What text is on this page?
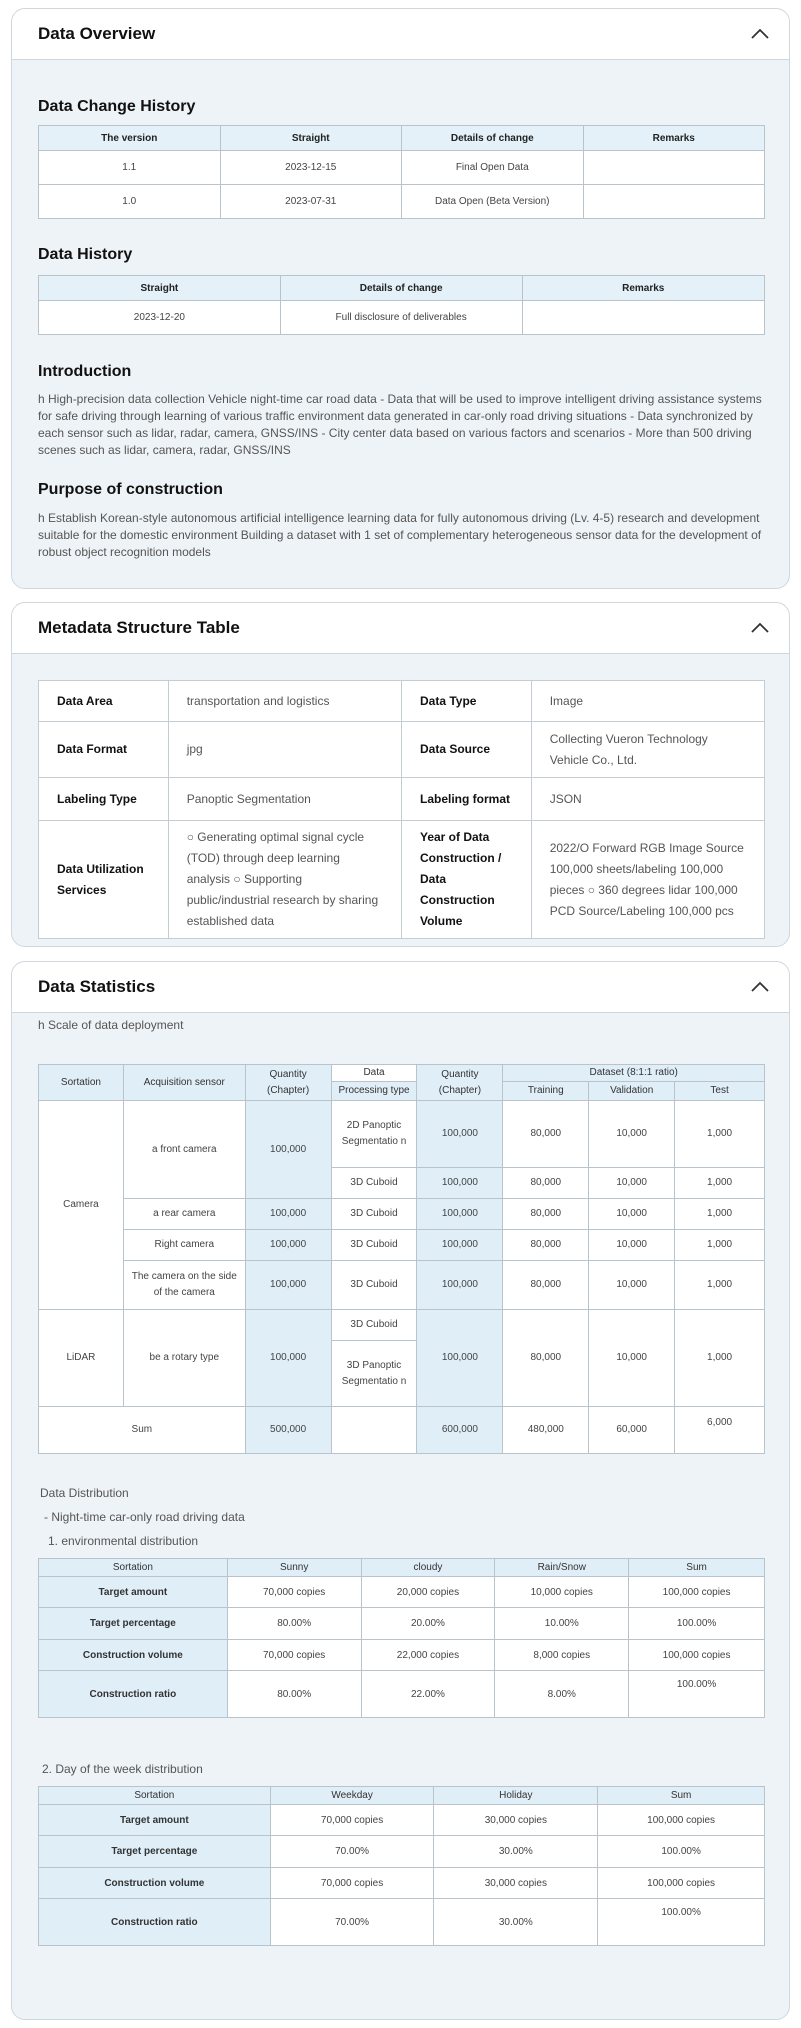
Data Overview
Data Change History
The version	Straight	Details of change	Remarks
1.1	2023-12-15	Final Open Data	
1.0	2023-07-31	Data Open (Beta Version)	
Data History
Straight	Details of change	Remarks
2023-12-20	Full disclosure of deliverables	
Introduction
h High-precision data collection Vehicle night-time car road data - Data that will be used to improve intelligent driving assistance systems for safe driving through learning of various traffic environment data generated in car-only road driving situations - Data synchronized by each sensor such as lidar, radar, camera, GNSS/INS - City center data based on various factors and scenarios - More than 500 driving scenes such as lidar, camera, radar, GNSS/INS
Purpose of construction
h Establish Korean-style autonomous artificial intelligence learning data for fully autonomous driving (Lv. 4-5) research and development suitable for the domestic environment Building a dataset with 1 set of complementary heterogeneous sensor data for the development of robust object recognition models
Metadata Structure Table
Data Area	transportation and logistics	Data Type	Image
Data Format	jpg	Data Source	Collecting Vueron Technology Vehicle Co., Ltd.
Labeling Type	Panoptic Segmentation	Labeling format	JSON
Data Utilization Services	○ Generating optimal signal cycle (TOD) through deep learning analysis ○ Supporting public/industrial research by sharing established data	Year of Data Construction / Data Construction Volume	2022/O Forward RGB Image Source 100,000 sheets/labeling 100,000 pieces ○ 360 degrees lidar 100,000 PCD Source/Labeling 100,000 pcs
Data Statistics
h Scale of data deployment
Sortation	Acquisition sensor	Quantity (Chapter)	Data	Quantity (Chapter)	Dataset (8:1:1 ratio)		
			Processing type		Training	Validation	Test
Camera	a front camera	100,000	2D Panoptic Segmentatio n	100,000	80,000	10,000	1,000
			3D Cuboid	100,000	80,000	10,000	1,000
	a rear camera	100,000	3D Cuboid	100,000	80,000	10,000	1,000
	Right camera	100,000	3D Cuboid	100,000	80,000	10,000	1,000
	The camera on the side of the camera	100,000	3D Cuboid	100,000	80,000	10,000	1,000
LiDAR	be a rotary type	100,000	3D Cuboid	100,000	80,000	10,000	1,000
			3D Panoptic Segmentatio n				
Sum		500,000		600,000	480,000	60,000	6,000
Data Distribution
- Night-time car-only road driving data
1. environmental distribution
Sortation	Sunny	cloudy	Rain/Snow	Sum
Target amount	70,000 copies	20,000 copies	10,000 copies	100,000 copies
Target percentage	80.00%	20.00%	10.00%	100.00%
Construction volume	70,000 copies	22,000 copies	8,000 copies	100,000 copies
Construction ratio	80.00%	22.00%	8.00%	100.00%
2. Day of the week distribution
Sortation	Weekday	Holiday	Sum
Target amount	70,000 copies	30,000 copies	100,000 copies
Target percentage	70.00%	30.00%	100.00%
Construction volume	70,000 copies	30,000 copies	100,000 copies
Construction ratio	70.00%	30.00%	100.00%
